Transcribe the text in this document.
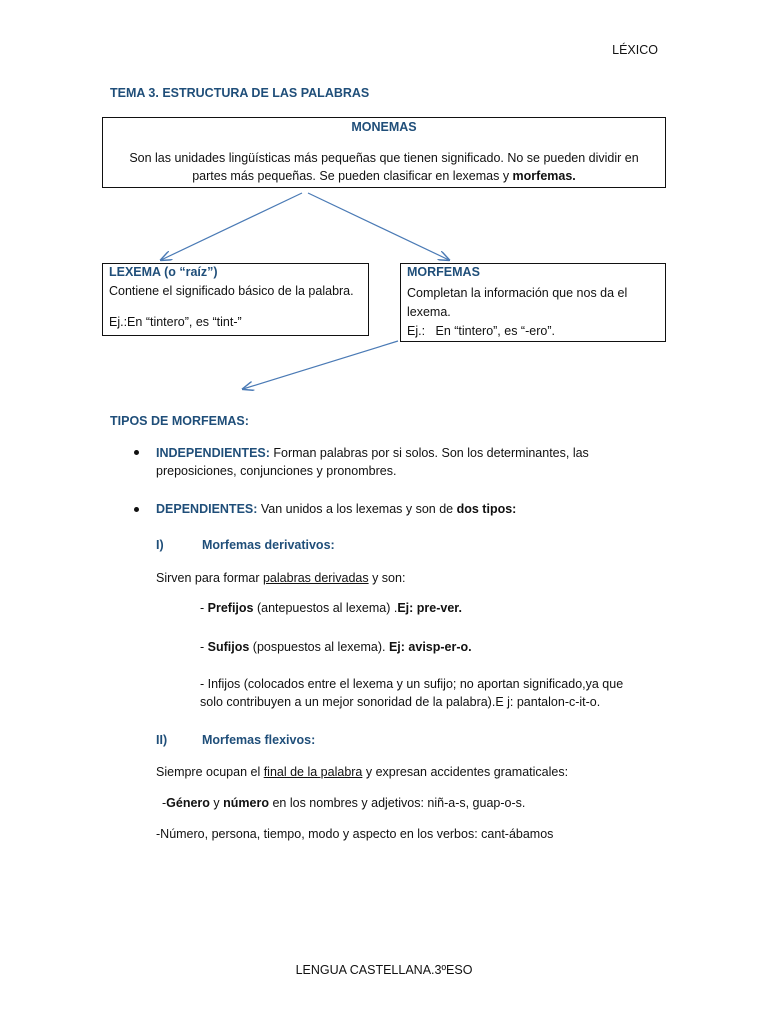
LÉXICO
TEMA 3. ESTRUCTURA DE LAS PALABRAS
MONEMAS

Son las unidades lingüísticas más pequeñas que tienen significado. No se pueden dividir en

partes más pequeñas. Se pueden clasificar en lexemas y morfemas.

LEXEMA (o “raíz”)
Contiene el significado básico de la palabra.
Ej.:En “tintero”, es “tint-”
MORFEMAS
Completan la información que nos da el
lexema.
Ej.:   En “tintero”, es “-ero”.
TIPOS DE MORFEMAS:
INDEPENDIENTES: Forman palabras por si solos. Son los determinantes, las
preposiciones, conjunciones y pronombres.
DEPENDIENTES: Van unidos a los lexemas y son de dos tipos:
I)	Morfemas derivativos:
Sirven para formar palabras derivadas y son:
- Prefijos (antepuestos al lexema) .Ej: pre-ver.
- Sufijos (pospuestos al lexema). Ej: avisp-er-o.
- Infijos (colocados entre el lexema y un sufijo; no aportan significado,ya que
solo contribuyen a un mejor sonoridad de la palabra).E j: pantalon-c-it-o.
II)	Morfemas flexivos:
Siempre ocupan el final de la palabra y expresan accidentes gramaticales:
-Género y número en los nombres y adjetivos: niñ-a-s, guap-o-s.
-Número, persona, tiempo, modo y aspecto en los verbos: cant-ábamos
LENGUA CASTELLANA.3ºESO
